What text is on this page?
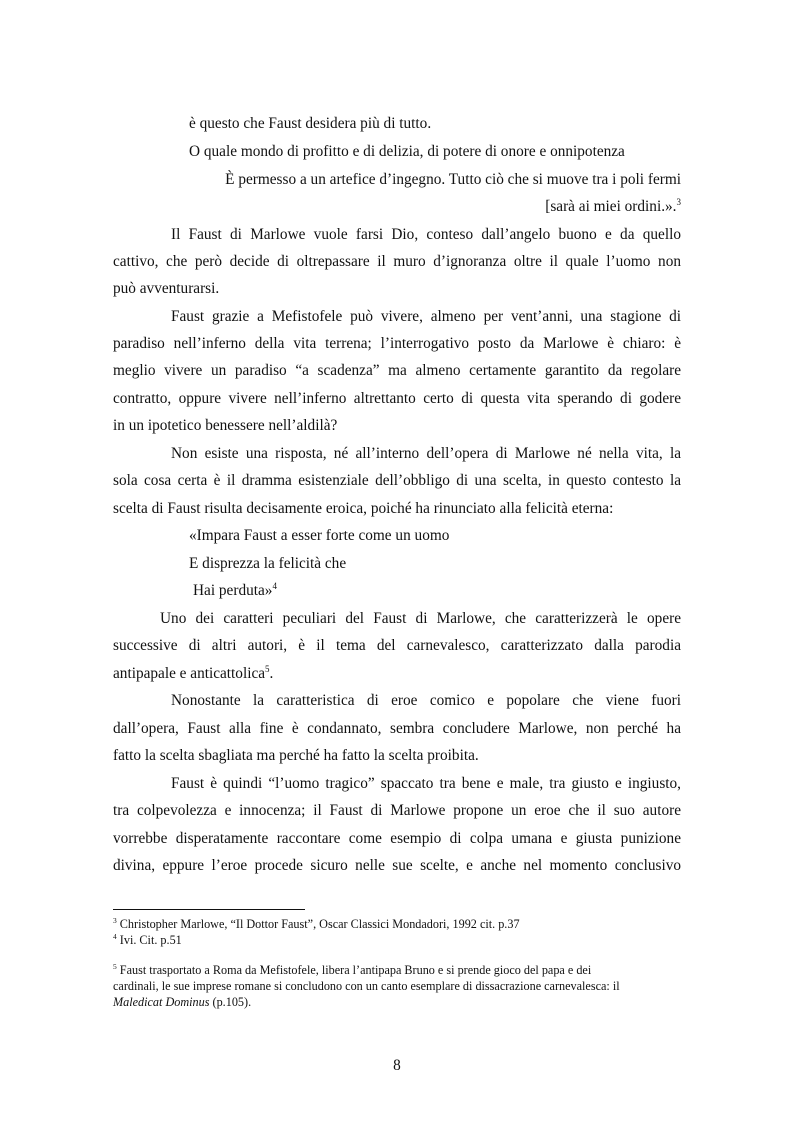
è questo che Faust desidera più di tutto.
O quale mondo di profitto e di delizia, di potere di onore e onnipotenza
È permesso a un artefice d’ingegno. Tutto ciò che si muove tra i poli fermi
[sarà ai miei ordini.».$^3$
Il Faust di Marlowe vuole farsi Dio, conteso dall’angelo buono e da quello
cattivo, che però decide di oltrepassare il muro d’ignoranza oltre il quale l’uomo non
può avventurarsi.
Faust grazie a Mefistofele può vivere, almeno per vent’anni, una stagione di
paradiso nell’inferno della vita terrena; l’interrogativo posto da Marlowe è chiaro: è
meglio vivere un paradiso “a scadenza” ma almeno certamente garantito da regolare
contratto, oppure vivere nell’inferno altrettanto certo di questa vita sperando di godere
in un ipotetico benessere nell’aldilà?
Non esiste una risposta, né all’interno dell’opera di Marlowe né nella vita, la
sola cosa certa è il dramma esistenziale dell’obbligo di una scelta, in questo contesto la
scelta di Faust risulta decisamente eroica, poiché ha rinunciato alla felicità eterna:
«Impara Faust a esser forte come un uomo
E disprezza la felicità che
Hai perduta»$^4$
Uno dei caratteri peculiari del Faust di Marlowe, che caratterizzerà le opere
successive di altri autori, è il tema del carnevalesco, caratterizzato dalla parodia
antipapale e anticattolica$^5$.
Nonostante la caratteristica di eroe comico e popolare che viene fuori
dall’opera, Faust alla fine è condannato, sembra concludere Marlowe, non perché ha
fatto la scelta sbagliata ma perché ha fatto la scelta proibita.
Faust è quindi “l’uomo tragico” spaccato tra bene e male, tra giusto e ingiusto,
tra colpevolezza e innocenza; il Faust di Marlowe propone un eroe che il suo autore
vorrebbe disperatamente raccontare come esempio di colpa umana e giusta punizione
divina, eppure l’eroe procede sicuro nelle sue scelte, e anche nel momento conclusivo
$^3$ Christopher Marlowe, “Il Dottor Faust”, Oscar Classici Mondadori, 1992 cit. p.37
$^4$ Ivi. Cit. p.51
$^5$ Faust trasportato a Roma da Mefistofele, libera l’antipapa Bruno e si prende gioco del papa e dei
cardinali, le sue imprese romane si concludono con un canto esemplare di dissacrazione carnevalesca: il
Maledicat Dominus (p.105).
8
